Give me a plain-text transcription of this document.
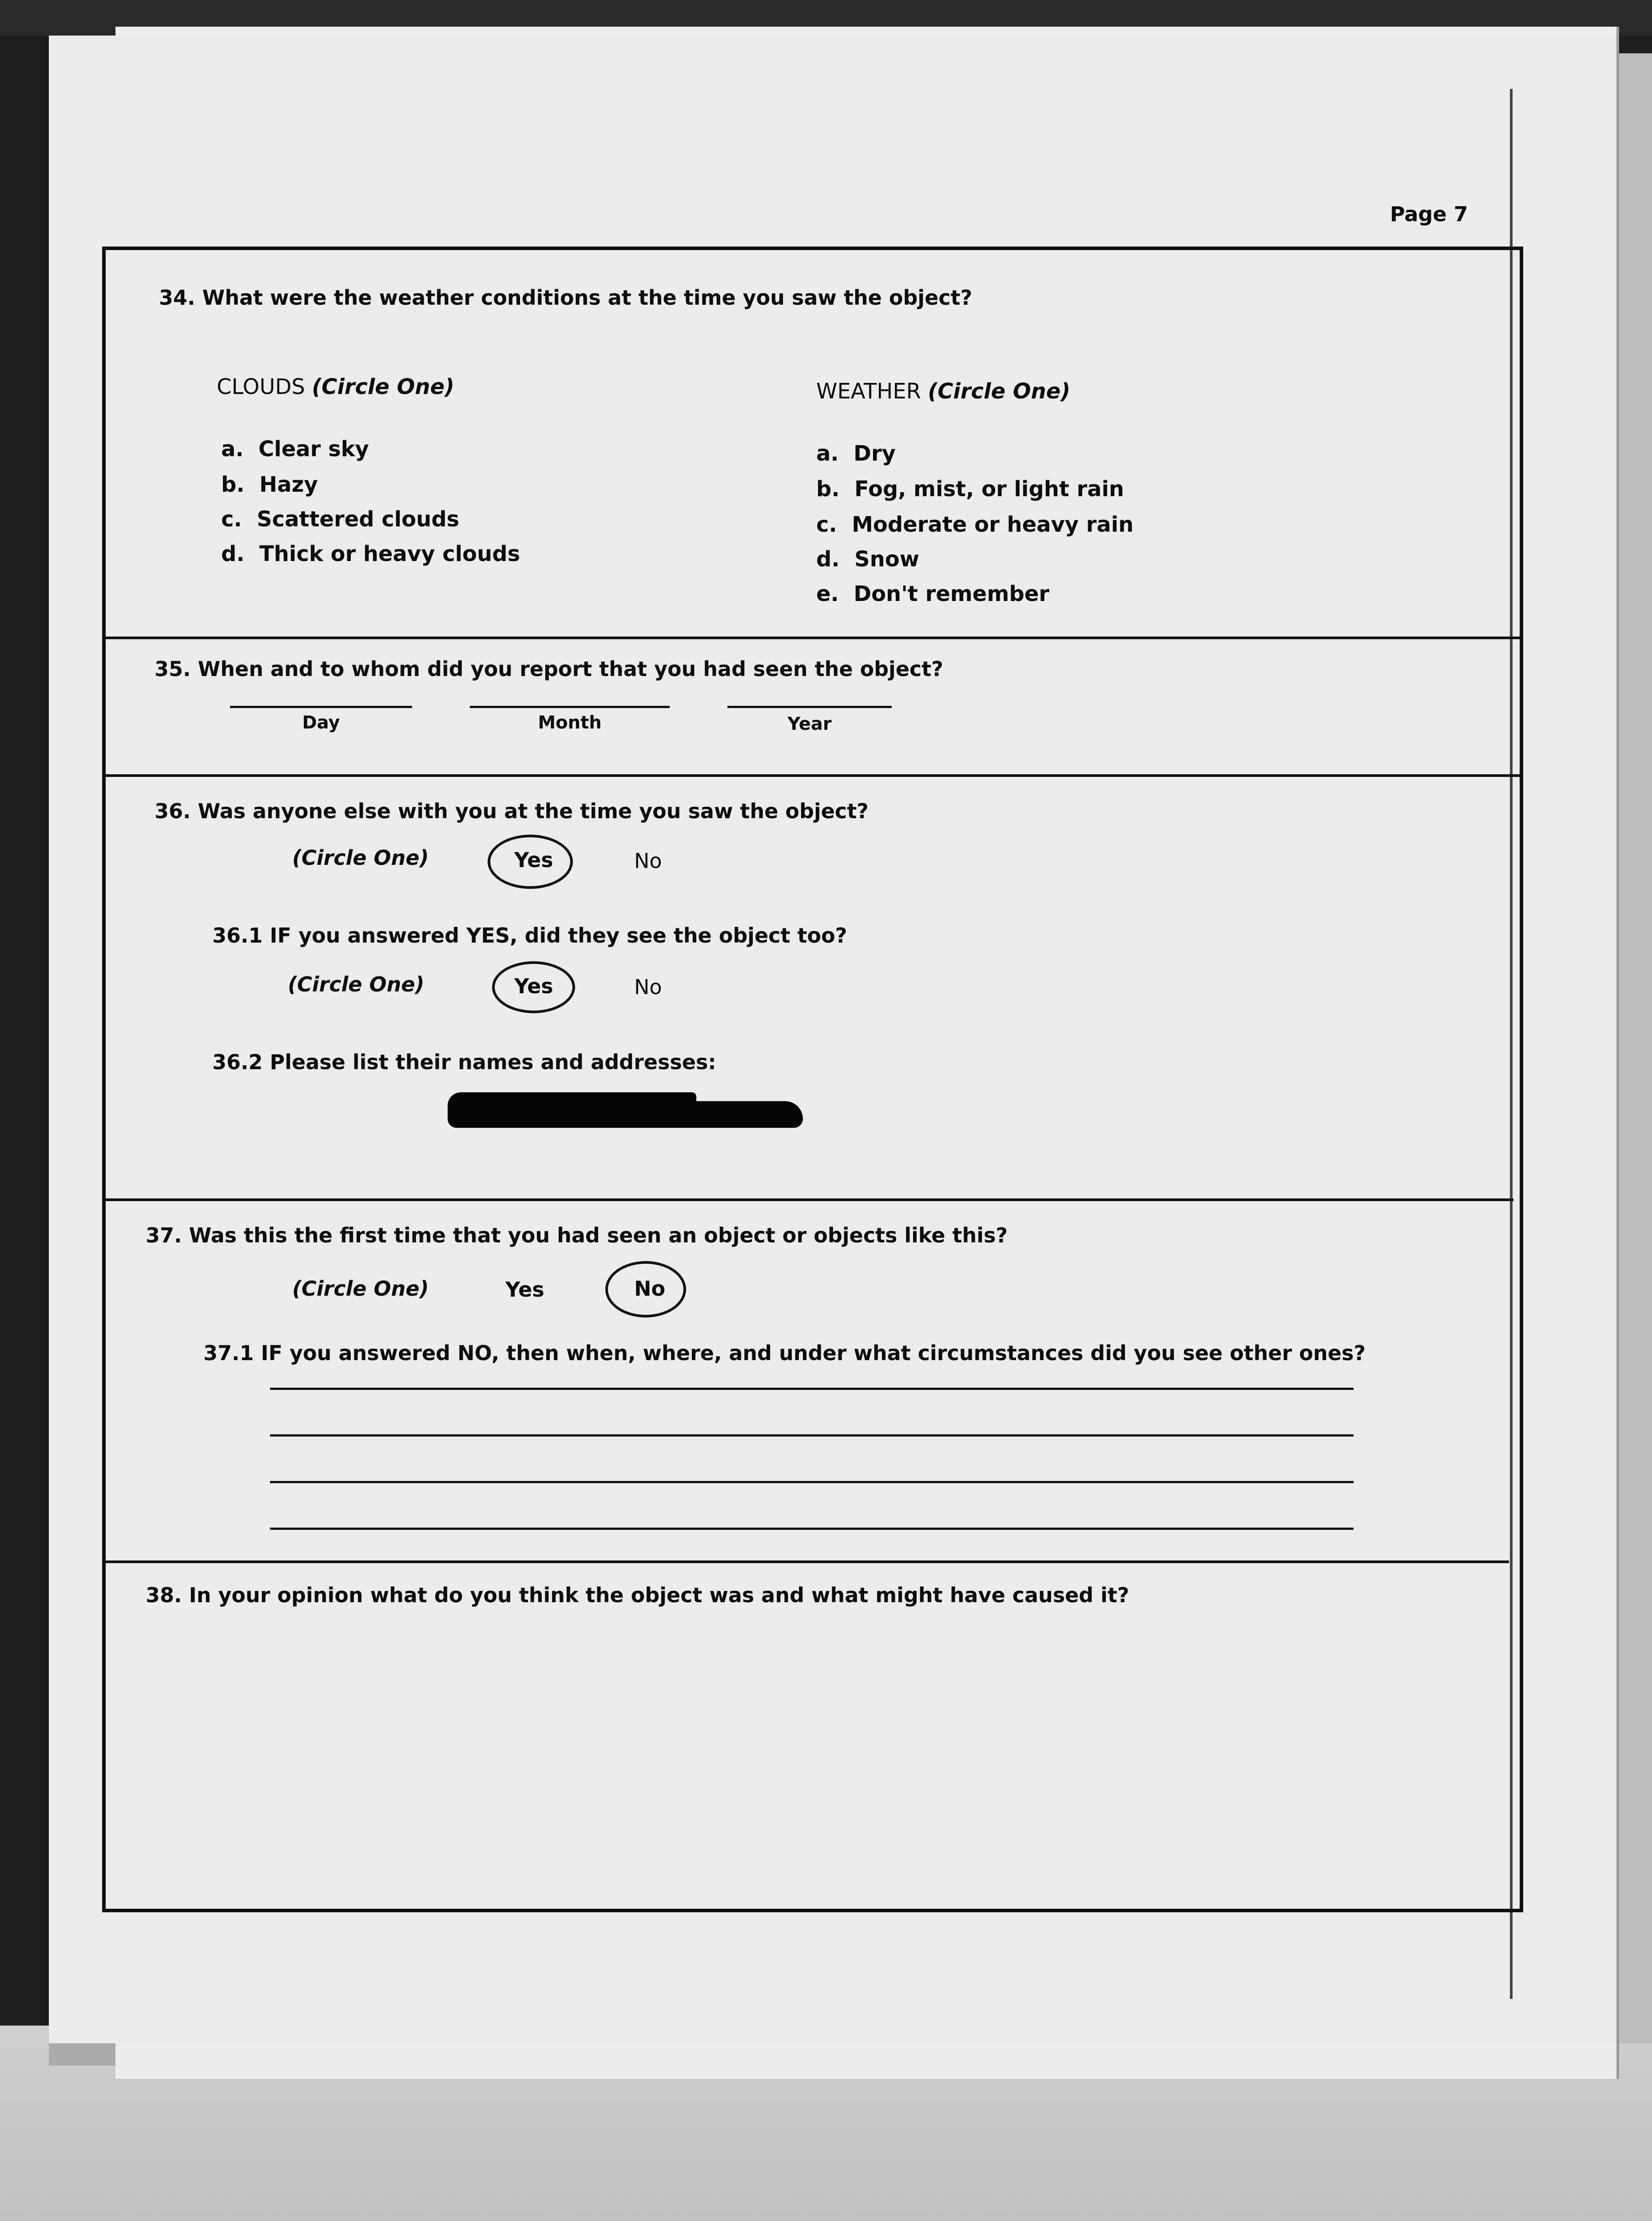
Page 7
34. What were the weather conditions at the time you saw the object?
CLOUDS (Circle One)
a. Clear sky
b. Hazy
c. Scattered clouds
d. Thick or heavy clouds
WEATHER (Circle One)
a. Dry
b. Fog, mist, or light rain
c. Moderate or heavy rain
d. Snow
e. Don't remember
35. When and to whom did you report that you had seen the object?
Day	Month	Year
36. Was anyone else with you at the time you saw the object?
(Circle One)	Yes	No
36.1 IF you answered YES, did they see the object too?
(Circle One)	Yes	No
36.2 Please list their names and addresses:
37. Was this the first time that you had seen an object or objects like this?
(Circle One)	Yes	No
37.1 IF you answered NO, then when, where, and under what circumstances did you see other ones?
38. In your opinion what do you think the object was and what might have caused it?
